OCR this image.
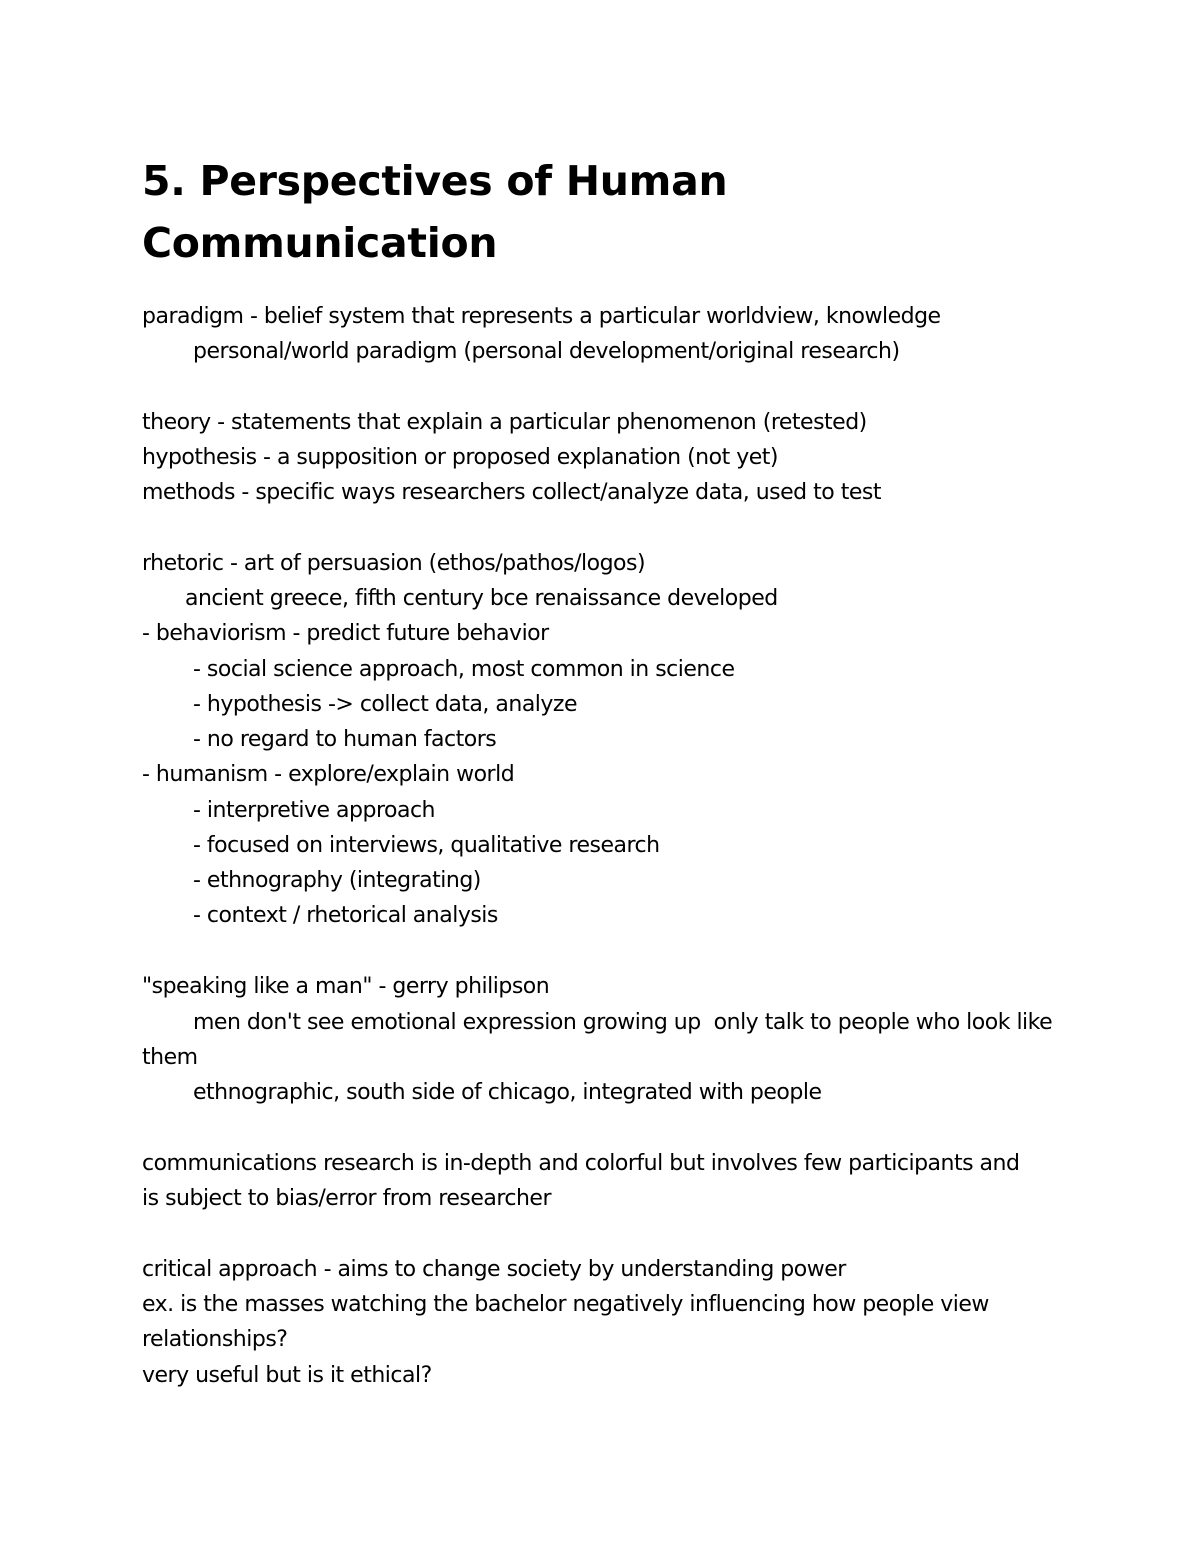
5. Perspectives of Human
Communication
paradigm - belief system that represents a particular worldview, knowledge
personal/world paradigm (personal development/original research)
theory - statements that explain a particular phenomenon (retested)
hypothesis - a supposition or proposed explanation (not yet)
methods - specific ways researchers collect/analyze data, used to test
rhetoric - art of persuasion (ethos/pathos/logos)
ancient greece, fifth century bce renaissance developed
- behaviorism - predict future behavior
- social science approach, most common in science
- hypothesis -> collect data, analyze
- no regard to human factors
- humanism - explore/explain world
- interpretive approach
- focused on interviews, qualitative research
- ethnography (integrating)
- context / rhetorical analysis
"speaking like a man" - gerry philipson
men don't see emotional expression growing up  only talk to people who look like
them
ethnographic, south side of chicago, integrated with people
communications research is in-depth and colorful but involves few participants and
is subject to bias/error from researcher
critical approach - aims to change society by understanding power
ex. is the masses watching the bachelor negatively influencing how people view
relationships?
very useful but is it ethical?
